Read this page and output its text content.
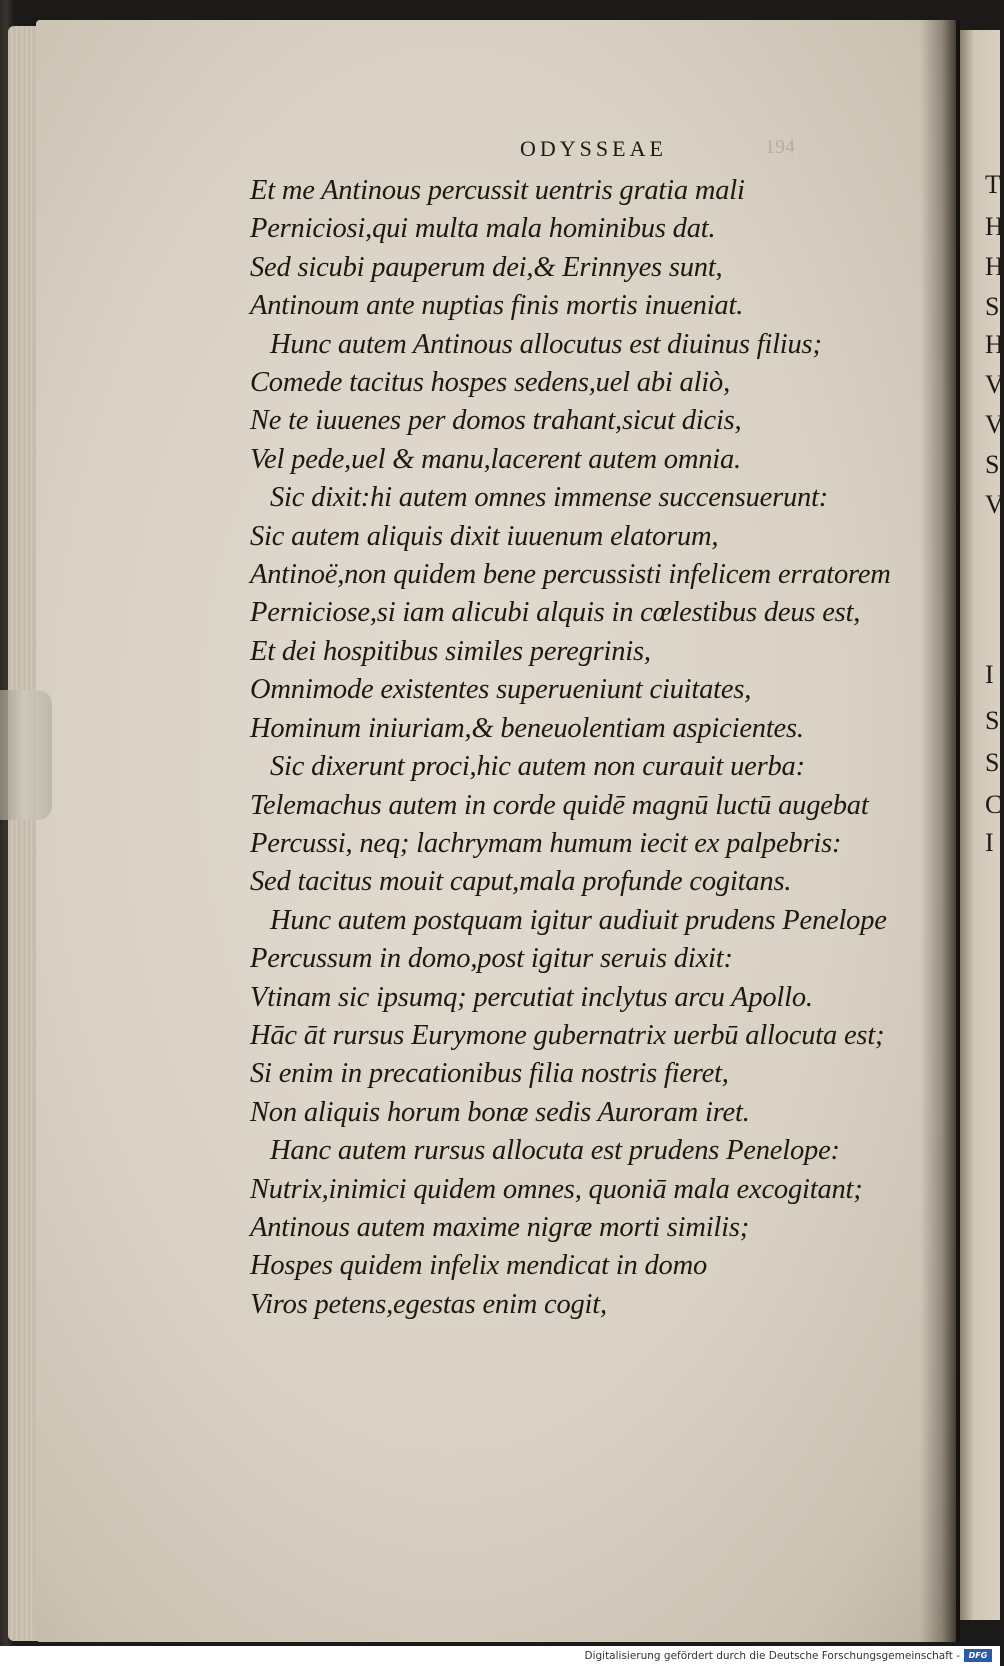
T
H
H
S
H
V
V
S
V
I
S
S
C
I
194
ODYSSEAE
Et me Antinous percussit uentris gratia mali
Perniciosi,qui multa mala hominibus dat.
Sed sicubi pauperum dei,& Erinnyes sunt,
Antinoum ante nuptias finis mortis inueniat.
Hunc autem Antinous allocutus est diuinus filius;
Comede tacitus hospes sedens,uel abi aliò,
Ne te iuuenes per domos trahant,sicut dicis,
Vel pede,uel & manu,lacerent autem omnia.
Sic dixit:hi autem omnes immense succensuerunt:
Sic autem aliquis dixit iuuenum elatorum,
Antinoë,non quidem bene percussisti infelicem erratorem
Perniciose,si iam alicubi alquis in cœlestibus deus est,
Et dei hospitibus similes peregrinis,
Omnimode existentes superueniunt ciuitates,
Hominum iniuriam,& beneuolentiam aspicientes.
Sic dixerunt proci,hic autem non curauit uerba:
Telemachus autem in corde quidē magnū luctū augebat
Percussi, neq; lachrymam humum iecit ex palpebris:
Sed tacitus mouit caput,mala profunde cogitans.
Hunc autem postquam igitur audiuit prudens Penelope
Percussum in domo,post igitur seruis dixit:
Vtinam sic ipsumq; percutiat inclytus arcu Apollo.
Hāc āt rursus Eurymone gubernatrix uerbū allocuta est;
Si enim in precationibus filia nostris fieret,
Non aliquis horum bonæ sedis Auroram iret.
Hanc autem rursus allocuta est prudens Penelope:
Nutrix,inimici quidem omnes, quoniā mala excogitant;
Antinous autem maxime nigræ morti similis;
Hospes quidem infelix mendicat in domo
Viros petens,egestas enim cogit,
Digitalisierung gefördert durch die Deutsche Forschungsgemeinschaft -	DFG
